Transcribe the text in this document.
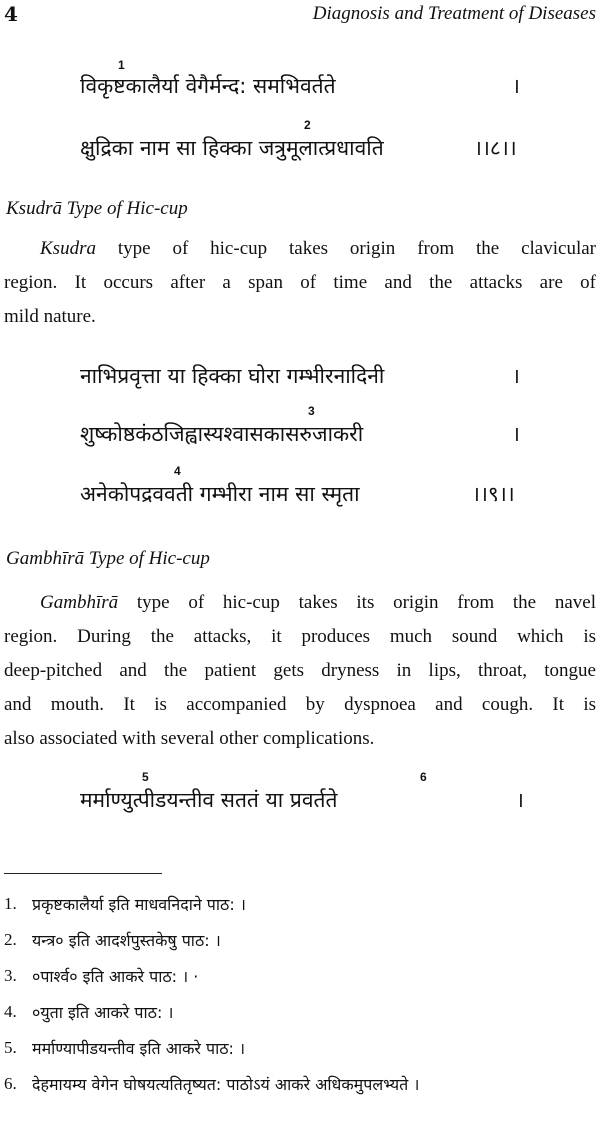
4	Diagnosis and Treatment of Diseases
1
विकृष्टकालैर्या वेगैर्मन्द: समभिवर्तते	।
2
क्षुद्रिका नाम सा हिक्का जत्रुमूलात्प्रधावति	।।८।।
Ksudrā Type of Hic-cup
Ksudra type of hic-cup takes origin from the clavicular
region. It occurs after a span of time and the attacks are of
mild nature.
नाभिप्रवृत्ता या हिक्का घोरा गम्भीरनादिनी	।
3
शुष्कोष्ठकंठजिह्वास्यश्वासकासरुजाकरी	।
4
अनेकोपद्रववती गम्भीरा नाम सा स्मृता	।।९।।
Gambhīrā Type of Hic-cup
Gambhīrā type of hic-cup takes its origin from the navel
region. During the attacks, it produces much sound which is
deep-pitched and the patient gets dryness in lips, throat, tongue
and mouth. It is accompanied by dyspnoea and cough. It is
also associated with several other complications.
5	6
मर्माण्युत्पीडयन्तीव सततं या प्रवर्तते	।
1. प्रकृष्टकालैर्या इति माधवनिदाने पाठ: ।
2. यन्त्र० इति आदर्शपुस्तकेषु पाठ: ।
3. ०पार्श्व० इति आकरे पाठ: । ·
4. ०युता इति आकरे पाठ: ।
5. मर्माण्यापीडयन्तीव इति आकरे पाठ: ।
6. देहमायम्य वेगेन घोषयत्यतितृष्यत: पाठोऽयं आकरे अधिकमुपलभ्यते ।
